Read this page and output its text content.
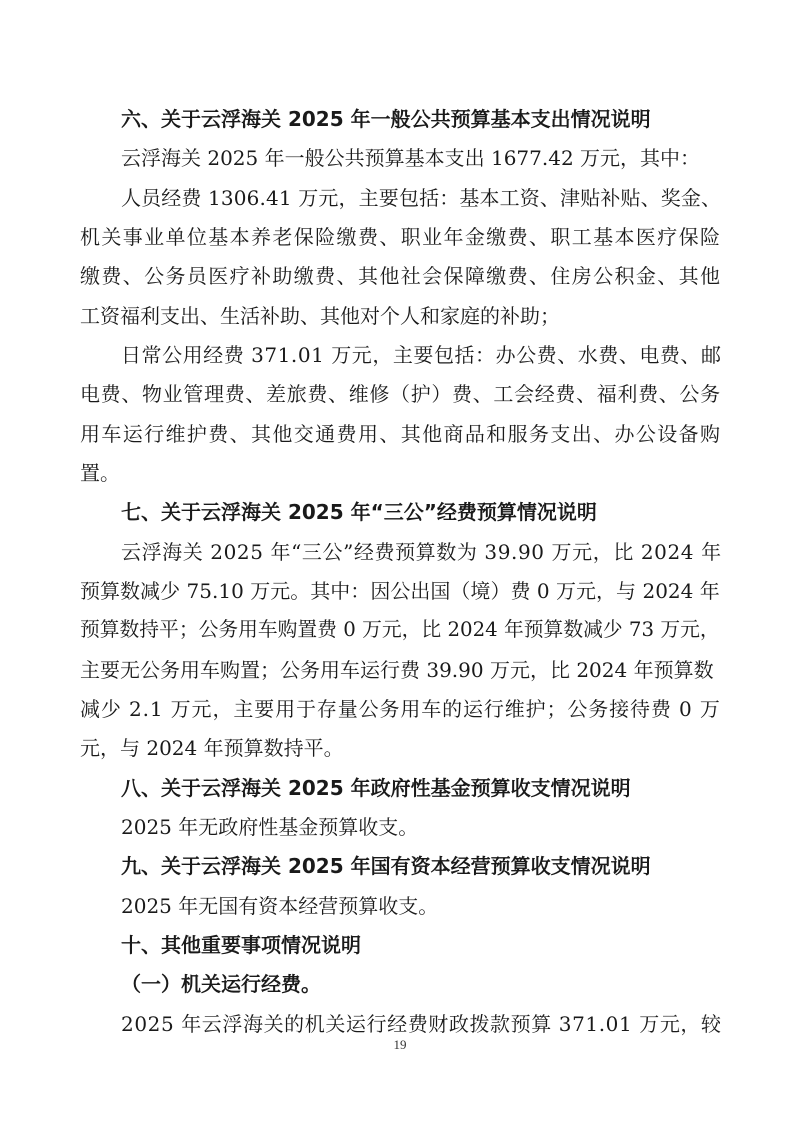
六、关于云浮海关 2025 年一般公共预算基本支出情况说明
云浮海关 2025 年一般公共预算基本支出 1677.42 万元，其中：
人员经费 1306.41 万元，主要包括：基本工资、津贴补贴、奖金、
机关事业单位基本养老保险缴费、职业年金缴费、职工基本医疗保险
缴费、公务员医疗补助缴费、其他社会保障缴费、住房公积金、其他
工资福利支出、生活补助、其他对个人和家庭的补助；
日常公用经费 371.01 万元，主要包括：办公费、水费、电费、邮
电费、物业管理费、差旅费、维修（护）费、工会经费、福利费、公务
用车运行维护费、其他交通费用、其他商品和服务支出、办公设备购
置。
七、关于云浮海关 2025 年“三公”经费预算情况说明
云浮海关 2025 年“三公”经费预算数为 39.90 万元，比 2024 年
预算数减少 75.10 万元。其中：因公出国（境）费 0 万元，与 2024 年
预算数持平；公务用车购置费 0 万元，比 2024 年预算数减少 73 万元，
主要无公务用车购置；公务用车运行费 39.90 万元，比 2024 年预算数
减少 2.1 万元，主要用于存量公务用车的运行维护；公务接待费 0 万
元，与 2024 年预算数持平。
八、关于云浮海关 2025 年政府性基金预算收支情况说明
2025 年无政府性基金预算收支。
九、关于云浮海关 2025 年国有资本经营预算收支情况说明
2025 年无国有资本经营预算收支。
十、其他重要事项情况说明
（一）机关运行经费。
2025 年云浮海关的机关运行经费财政拨款预算 371.01 万元，较
19
